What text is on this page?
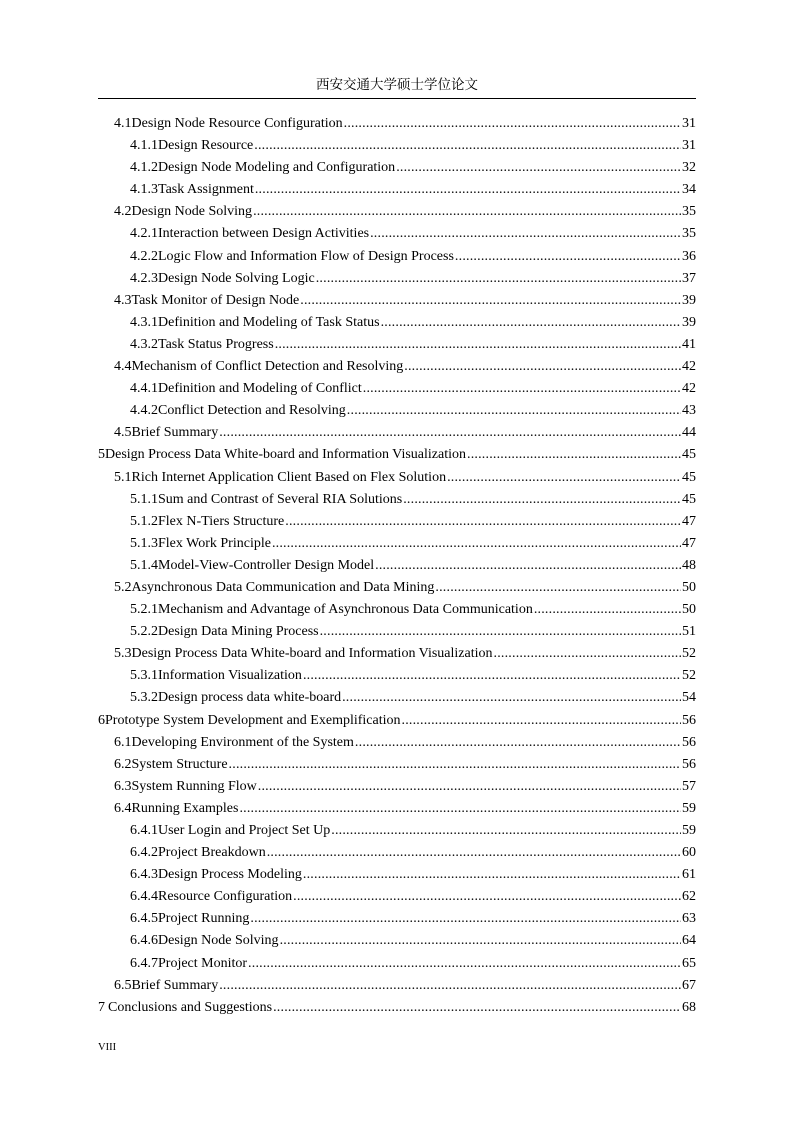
西安交通大学硕士学位论文
4.1 Design Node Resource Configuration .....	31
4.1.1 Design Resource .....	31
4.1.2 Design Node Modeling and Configuration .....	32
4.1.3 Task Assignment .....	34
4.2 Design Node Solving .....	35
4.2.1 Interaction between Design Activities .....	35
4.2.2 Logic Flow and Information Flow of Design Process .....	36
4.2.3 Design Node Solving Logic .....	37
4.3 Task Monitor of Design Node .....	39
4.3.1 Definition and Modeling of Task Status .....	39
4.3.2 Task Status Progress .....	41
4.4 Mechanism of Conflict Detection and Resolving .....	42
4.4.1 Definition and Modeling of Conflict .....	42
4.4.2 Conflict Detection and Resolving .....	43
4.5 Brief Summary .....	44
5 Design Process Data White-board and Information Visualization .....	45
5.1 Rich Internet Application Client Based on Flex Solution .....	45
5.1.1 Sum and Contrast of Several RIA Solutions .....	45
5.1.2 Flex N-Tiers Structure .....	47
5.1.3 Flex Work Principle .....	47
5.1.4 Model-View-Controller Design Model .....	48
5.2 Asynchronous Data Communication and Data Mining .....	50
5.2.1 Mechanism and Advantage of Asynchronous Data Communication .....	50
5.2.2 Design Data Mining Process .....	51
5.3 Design Process Data White-board and Information Visualization .....	52
5.3.1 Information Visualization .....	52
5.3.2 Design process data white-board .....	54
6 Prototype System Development and Exemplification .....	56
6.1 Developing Environment of the System .....	56
6.2 System Structure .....	56
6.3 System Running Flow .....	57
6.4 Running Examples .....	59
6.4.1 User Login and Project Set Up .....	59
6.4.2 Project Breakdown .....	60
6.4.3 Design Process Modeling .....	61
6.4.4 Resource Configuration .....	62
6.4.5 Project Running .....	63
6.4.6 Design Node Solving .....	64
6.4.7 Project Monitor .....	65
6.5 Brief Summary .....	67
7 Conclusions and Suggestions .....	68
VIII
